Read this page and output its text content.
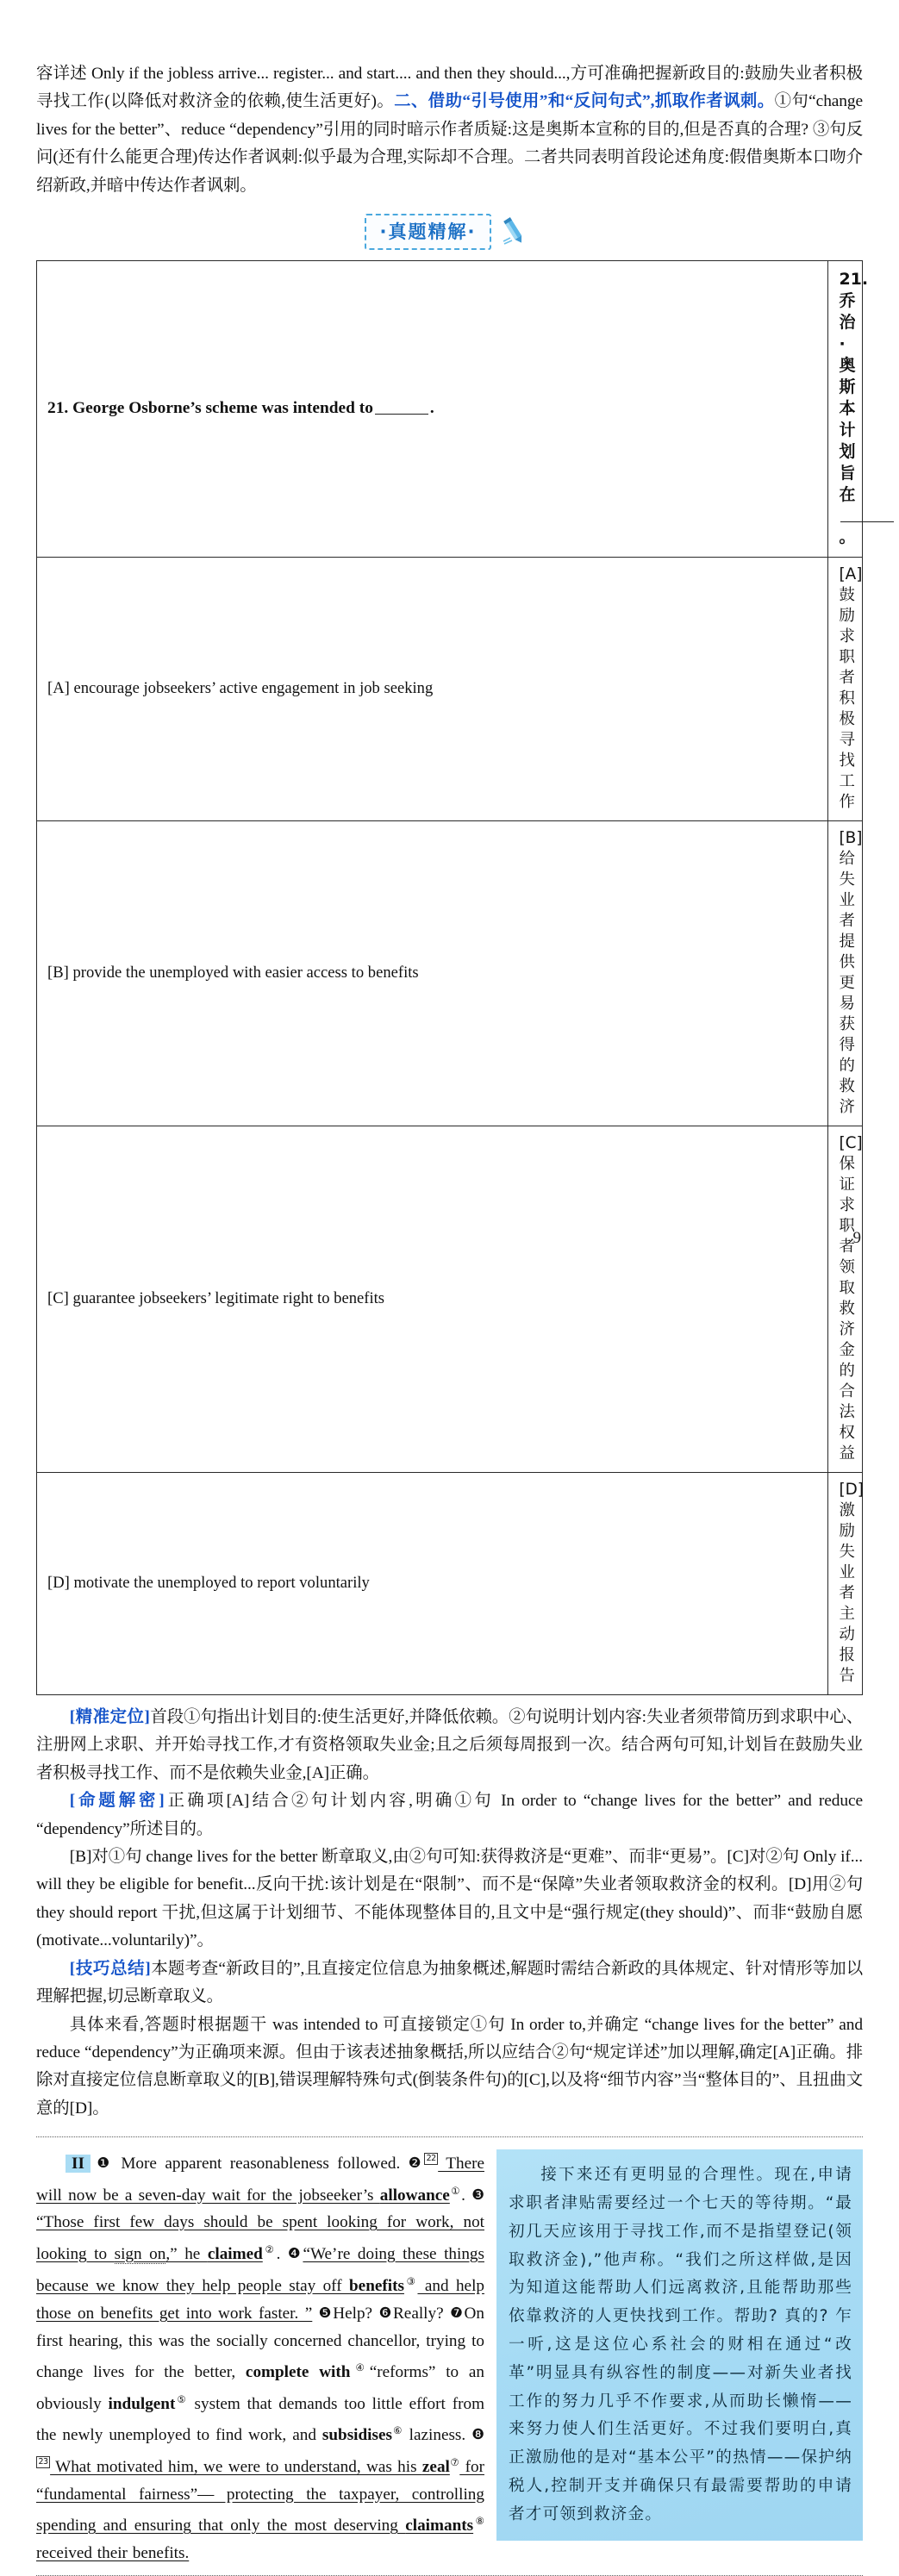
容详述 Only if the jobless arrive... register... and start.... and then they should...,方可准确把握新政目的:鼓励失业者积极寻找工作(以降低对救济金的依赖,使生活更好)。二、借助“引号使用”和“反问句式”,抓取作者讽刺。①句“change lives for the better”、reduce “dependency”引用的同时暗示作者质疑:这是奥斯本宣称的目的,但是否真的合理? ③句反问(还有什么能更合理)传达作者讽刺:似乎最为合理,实际却不合理。二者共同表明首段论述角度:假借奥斯本口吻介绍新政,并暗中传达作者讽刺。
·真题精解·
21. George Osborne’s scheme was intended to .	21. 乔治·奥斯本计划旨在。
[A] encourage jobseekers’ active engagement in job seeking	[A] 鼓励求职者积极寻找工作
[B] provide the unemployed with easier access to benefits	[B] 给失业者提供更易获得的救济
[C] guarantee jobseekers’ legitimate right to benefits	[C] 保证求职者领取救济金的合法权益
[D] motivate the unemployed to report voluntarily	[D] 激励失业者主动报告

[精准定位]首段①句指出计划目的:使生活更好,并降低依赖。②句说明计划内容:失业者须带简历到求职中心、注册网上求职、并开始寻找工作,才有资格领取失业金;且之后须每周报到一次。结合两句可知,计划旨在鼓励失业者积极寻找工作、而不是依赖失业金,[A]正确。

[命题解密]正确项[A]结合②句计划内容,明确①句 In order to “change lives for the better” and reduce “dependency”所述目的。

[B]对①句 change lives for the better 断章取义,由②句可知:获得救济是“更难”、而非“更易”。[C]对②句 Only if... will they be eligible for benefit...反向干扰:该计划是在“限制”、而不是“保障”失业者领取救济金的权利。[D]用②句 they should report 干扰,但这属于计划细节、不能体现整体目的,且文中是“强行规定(they should)”、而非“鼓励自愿(motivate...voluntarily)”。

[技巧总结]本题考查“新政目的”,且直接定位信息为抽象概述,解题时需结合新政的具体规定、针对情形等加以理解把握,切忌断章取义。

具体来看,答题时根据题干 was intended to 可直接锁定①句 In order to,并确定 “change lives for the better” and reduce “dependency”为正确项来源。但由于该表述抽象概括,所以应结合②句“规定详述”加以理解,确定[A]正确。排除对直接定位信息断章取义的[B],错误理解特殊句式(倒装条件句)的[C],以及将“细节内容”当“整体目的”、且扭曲文意的[D]。

II ❶ More apparent reasonableness followed. ❷ 22 There will now be a seven-day wait for the jobseeker’s allowance①. ❸ “Those first few days should be spent looking for work, not looking to sign on,” he claimed②. ❹“We’re doing these things because we know they help people stay off benefits③ and help those on benefits get into work faster. ” ❺Help? ❻Really? ❼On first hearing, this was the socially concerned chancellor, trying to change lives for the better, complete with④“reforms” to an obviously indulgent⑤ system that demands too little effort from the newly unemployed to find work, and subsidises⑥ laziness. ❽23 What motivated him, we were to understand, was his zeal⑦ for “fundamental fairness”— protecting the taxpayer, controlling spending and ensuring that only the most deserving claimants⑧ received their benefits.

接下来还有更明显的合理性。现在,申请求职者津贴需要经过一个七天的等待期。“最初几天应该用于寻找工作,而不是指望登记(领取救济金),”他声称。“我们之所这样做,是因为知道这能帮助人们远离救济,且能帮助那些依靠救济的人更快找到工作。帮助? 真的? 乍一听,这是这位心系社会的财相在通过“改革”明显具有纵容性的制度——对新失业者找工作的努力几乎不作要求,从而助长懒惰——来努力使人们生活更好。不过我们要明白,真正激励他的是对“基本公平”的热情——保护纳税人,控制开支并确保只有最需要帮助的申请者才可领到救济金。

9
